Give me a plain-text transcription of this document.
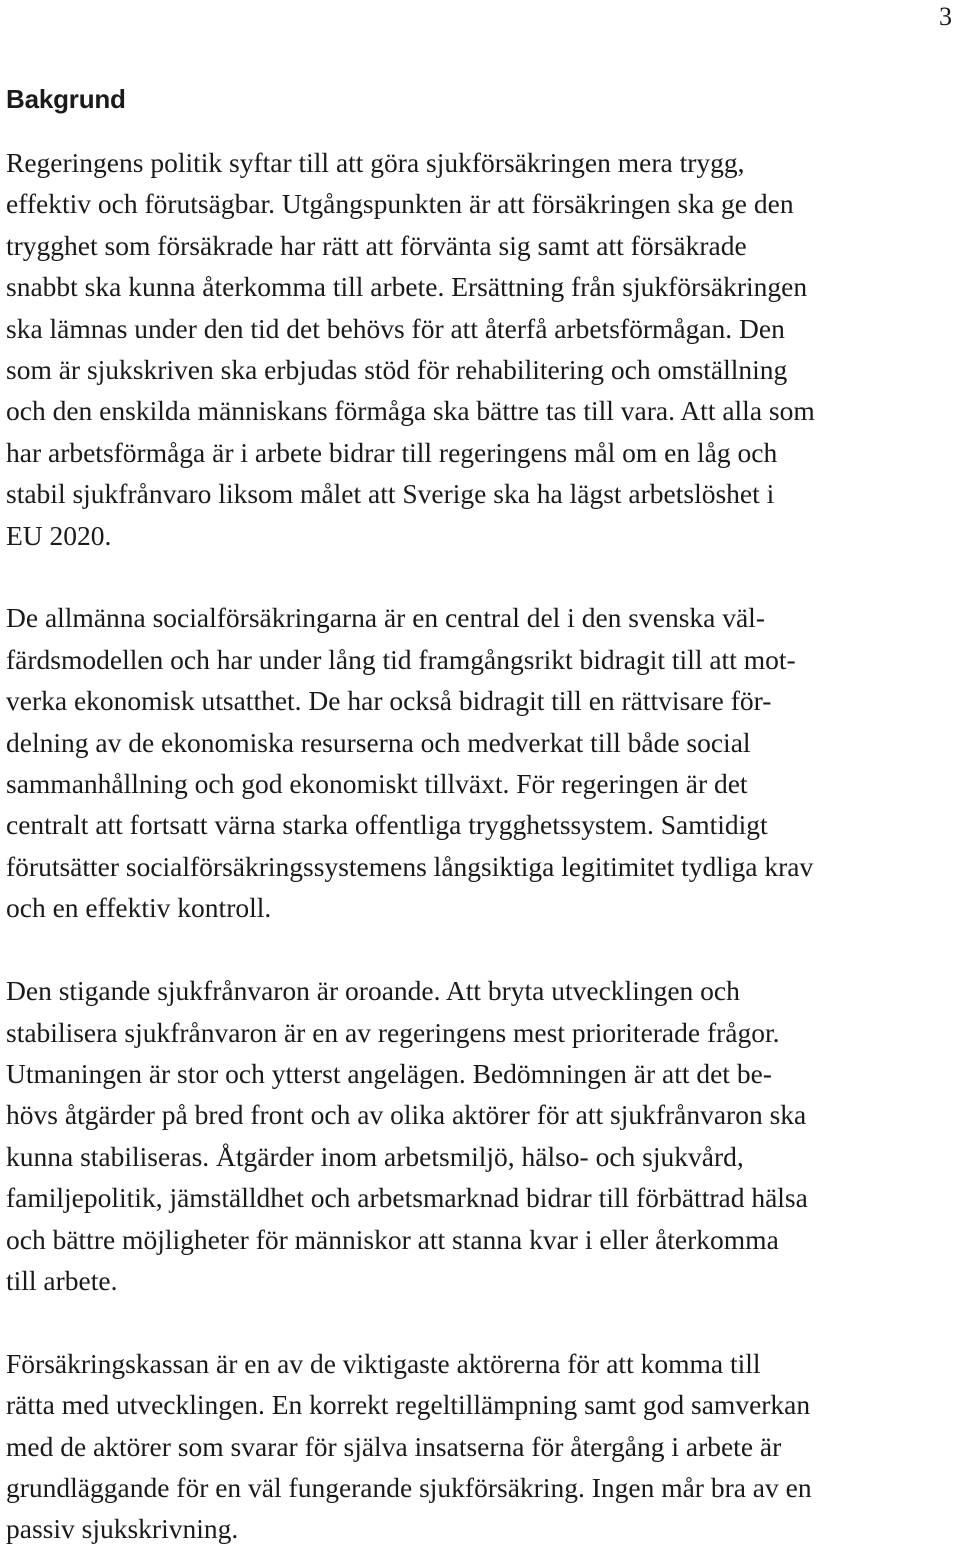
3
Bakgrund

Regeringens politik syftar till att göra sjukförsäkringen mera trygg,
effektiv och förutsägbar. Utgångspunkten är att försäkringen ska ge den
trygghet som försäkrade har rätt att förvänta sig samt att försäkrade
snabbt ska kunna återkomma till arbete. Ersättning från sjukförsäkringen
ska lämnas under den tid det behövs för att återfå arbetsförmågan. Den
som är sjukskriven ska erbjudas stöd för rehabilitering och omställning
och den enskilda människans förmåga ska bättre tas till vara. Att alla som
har arbetsförmåga är i arbete bidrar till regeringens mål om en låg och
stabil sjukfrånvaro liksom målet att Sverige ska ha lägst arbetslöshet i
EU 2020.

De allmänna socialförsäkringarna är en central del i den svenska väl-
färdsmodellen och har under lång tid framgångsrikt bidragit till att mot-
verka ekonomisk utsatthet. De har också bidragit till en rättvisare för-
delning av de ekonomiska resurserna och medverkat till både social
sammanhållning och god ekonomiskt tillväxt. För regeringen är det
centralt att fortsatt värna starka offentliga trygghetssystem. Samtidigt
förutsätter socialförsäkringssystemens långsiktiga legitimitet tydliga krav
och en effektiv kontroll.

Den stigande sjukfrånvaron är oroande. Att bryta utvecklingen och
stabilisera sjukfrånvaron är en av regeringens mest prioriterade frågor.
Utmaningen är stor och ytterst angelägen. Bedömningen är att det be-
hövs åtgärder på bred front och av olika aktörer för att sjukfrånvaron ska
kunna stabiliseras. Åtgärder inom arbetsmiljö, hälso- och sjukvård,
familjepolitik, jämställdhet och arbetsmarknad bidrar till förbättrad hälsa
och bättre möjligheter för människor att stanna kvar i eller återkomma
till arbete.

Försäkringskassan är en av de viktigaste aktörerna för att komma till
rätta med utvecklingen. En korrekt regeltillämpning samt god samverkan
med de aktörer som svarar för själva insatserna för återgång i arbete är
grundläggande för en väl fungerande sjukförsäkring. Ingen mår bra av en
passiv sjukskrivning.
